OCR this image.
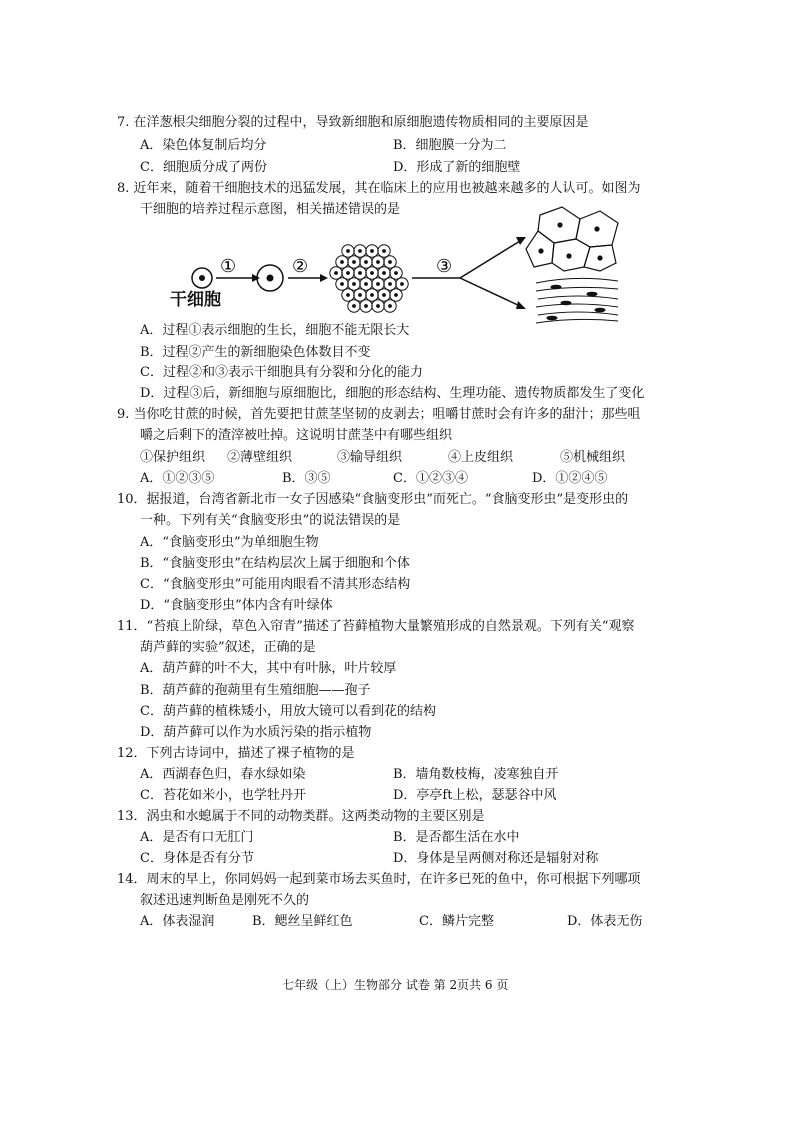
7. 在洋葱根尖细胞分裂的过程中，导致新细胞和原细胞遗传物质相同的主要原因是
A．染色体复制后均分	B．细胞膜一分为二
C．细胞质分成了两份	D．形成了新的细胞壁
8. 近年来，随着干细胞技术的迅猛发展，其在临床上的应用也被越来越多的人认可。如图为
干细胞的培养过程示意图，相关描述错误的是
①	②	③
干细胞
A．过程①表示细胞的生长，细胞不能无限长大
B．过程②产生的新细胞染色体数目不变
C．过程②和③表示干细胞具有分裂和分化的能力
D．过程③后，新细胞与原细胞比，细胞的形态结构、生理功能、遗传物质都发生了变化
9. 当你吃甘蔗的时候，首先要把甘蔗茎坚韧的皮剥去；咀嚼甘蔗时会有许多的甜汁；那些咀
嚼之后剩下的渣滓被吐掉。这说明甘蔗茎中有哪些组织
①保护组织 ②薄壁组织	③输导组织	④上皮组织	⑤机械组织
A．①②③⑤	B．③⑤	C．①②③④	D．①②④⑤
10．据报道，台湾省新北市一女子因感染“食脑变形虫”而死亡。“食脑变形虫”是变形虫的
一种。下列有关“食脑变形虫”的说法错误的是
A．“食脑变形虫”为单细胞生物
B．“食脑变形虫”在结构层次上属于细胞和个体
C．“食脑变形虫”可能用肉眼看不清其形态结构
D．“食脑变形虫”体内含有叶绿体
11．“苔痕上阶绿，草色入帘青”描述了苔藓植物大量繁殖形成的自然景观。下列有关“观察
葫芦藓的实验”叙述，正确的是
A．葫芦藓的叶不大，其中有叶脉，叶片较厚
B．葫芦藓的孢蒴里有生殖细胞——孢子
C．葫芦藓的植株矮小，用放大镜可以看到花的结构
D．葫芦藓可以作为水质污染的指示植物
12．下列古诗词中，描述了裸子植物的是
A．西湖春色归，春水绿如染	B．墙角数枝梅，凌寒独自开
C．苔花如米小，也学牡丹开	D．亭亭ft上松，瑟瑟谷中风
13．涡虫和水螅属于不同的动物类群。这两类动物的主要区别是
A．是否有口无肛门	B．是否都生活在水中
C．身体是否有分节	D．身体是呈两侧对称还是辐射对称
14．周末的早上，你同妈妈一起到菜市场去买鱼时，在许多已死的鱼中，你可根据下列哪项
叙述迅速判断鱼是刚死不久的
A．体表湿润	B．鳃丝呈鲜红色	C．鳞片完整	D．体表无伤
七年级（上）生物部分 试卷 第 2页共 6 页
